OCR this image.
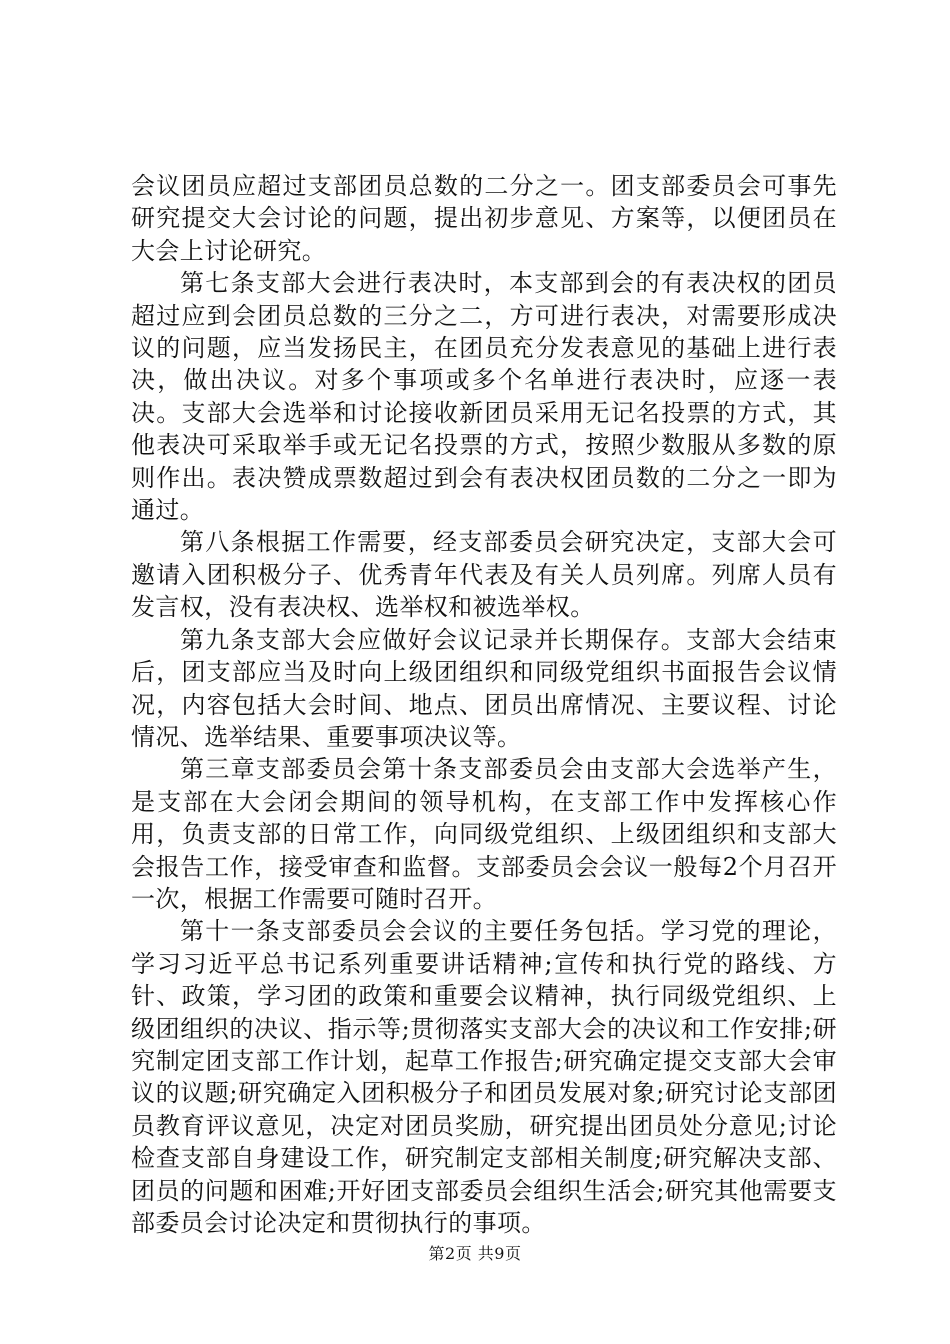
会议团员应超过支部团员总数的二分之一。团支部委员会可事先研究提交大会讨论的问题，提出初步意见、方案等，以便团员在大会上讨论研究。

第七条支部大会进行表决时，本支部到会的有表决权的团员超过应到会团员总数的三分之二，方可进行表决，对需要形成决议的问题，应当发扬民主，在团员充分发表意见的基础上进行表决，做出决议。对多个事项或多个名单进行表决时，应逐一表决。支部大会选举和讨论接收新团员采用无记名投票的方式，其他表决可采取举手或无记名投票的方式，按照少数服从多数的原则作出。表决赞成票数超过到会有表决权团员数的二分之一即为通过。

第八条根据工作需要，经支部委员会研究决定，支部大会可邀请入团积极分子、优秀青年代表及有关人员列席。列席人员有发言权，没有表决权、选举权和被选举权。

第九条支部大会应做好会议记录并长期保存。支部大会结束后，团支部应当及时向上级团组织和同级党组织书面报告会议情况，内容包括大会时间、地点、团员出席情况、主要议程、讨论情况、选举结果、重要事项决议等。

第三章支部委员会第十条支部委员会由支部大会选举产生，是支部在大会闭会期间的领导机构，在支部工作中发挥核心作用，负责支部的日常工作，向同级党组织、上级团组织和支部大会报告工作，接受审查和监督。支部委员会会议一般每2个月召开一次，根据工作需要可随时召开。

第十一条支部委员会会议的主要任务包括。学习党的理论，学习习近平总书记系列重要讲话精神;宣传和执行党的路线、方针、政策，学习团的政策和重要会议精神，执行同级党组织、上级团组织的决议、指示等;贯彻落实支部大会的决议和工作安排;研究制定团支部工作计划，起草工作报告;研究确定提交支部大会审议的议题;研究确定入团积极分子和团员发展对象;研究讨论支部团员教育评议意见，决定对团员奖励，研究提出团员处分意见;讨论检查支部自身建设工作，研究制定支部相关制度;研究解决支部、团员的问题和困难;开好团支部委员会组织生活会;研究其他需要支部委员会讨论决定和贯彻执行的事项。

第2页 共9页
